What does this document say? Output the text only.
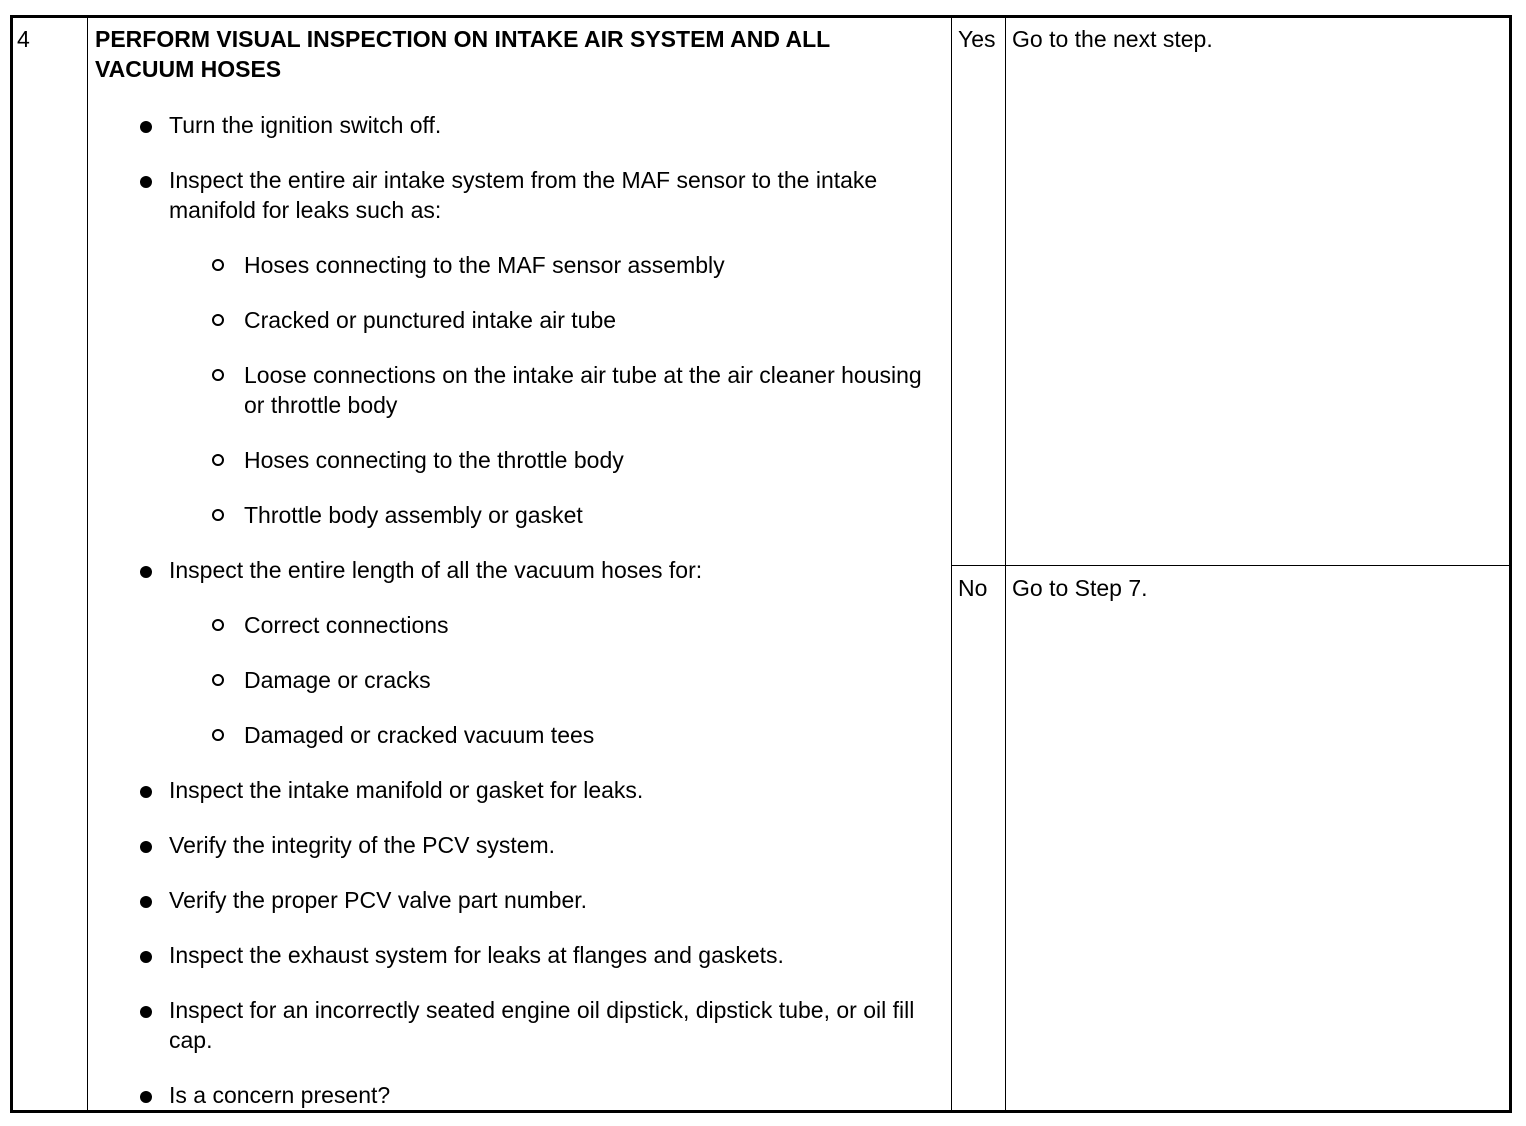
4	PERFORM VISUAL INSPECTION ON INTAKE AIR SYSTEM AND ALL VACUUM HOSES
Turn the ignition switch off.
Inspect the entire air intake system from the MAF sensor to the intake manifold for leaks such as:
Hoses connecting to the MAF sensor assembly
Cracked or punctured intake air tube
Loose connections on the intake air tube at the air cleaner housing or throttle body
Hoses connecting to the throttle body
Throttle body assembly or gasket
Inspect the entire length of all the vacuum hoses for:
Correct connections
Damage or cracks
Damaged or cracked vacuum tees
Inspect the intake manifold or gasket for leaks.
Verify the integrity of the PCV system.
Verify the proper PCV valve part number.
Inspect the exhaust system for leaks at flanges and gaskets.
Inspect for an incorrectly seated engine oil dipstick, dipstick tube, or oil fill cap.
Is a concern present?
Yes Go to the next step.
No Go to Step 7.
